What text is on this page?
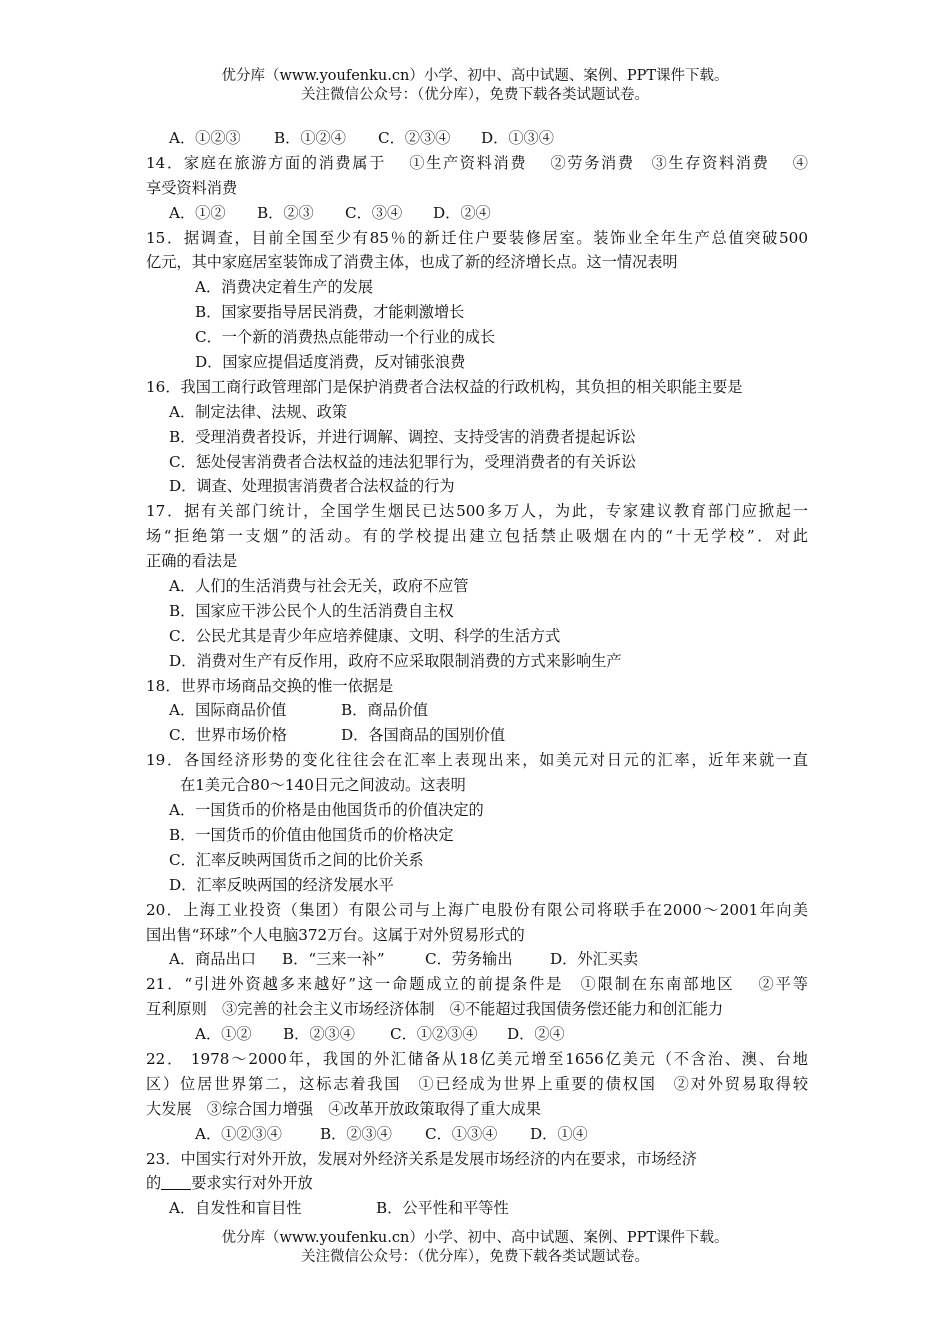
优分库（www.youfenku.cn）小学、初中、高中试题、案例、PPT课件下载。
关注微信公众号：（优分库），免费下载各类试题试卷。
A．①②③ B．①②④ C．②③④ D．①③④
14．家庭在旅游方面的消费属于　 ①生产资料消费　 ②劳务消费　③生存资料消费　 ④
享受资料消费
A．①② B．②③ C．③④ D．②④
15．据调查，目前全国至少有85％的新迁住户要装修居室。装饰业全年生产总值突破500
亿元，其中家庭居室装饰成了消费主体，也成了新的经济增长点。这一情况表明
A．消费决定着生产的发展
B．国家要指导居民消费，才能刺激增长
C．一个新的消费热点能带动一个行业的成长
D．国家应提倡适度消费，反对铺张浪费
16．我国工商行政管理部门是保护消费者合法权益的行政机构，其负担的相关职能主要是
A．制定法律、法规、政策
B．受理消费者投诉，并进行调解、调控、支持受害的消费者提起诉讼
C．惩处侵害消费者合法权益的违法犯罪行为，受理消费者的有关诉讼
D．调查、处理损害消费者合法权益的行为
17．据有关部门统计，全国学生烟民已达500多万人，为此，专家建议教育部门应掀起一
场“拒绝第一支烟”的活动。有的学校提出建立包括禁止吸烟在内的“十无学校”．对此
正确的看法是
A．人们的生活消费与社会无关，政府不应管
B．国家应干涉公民个人的生活消费自主权
C．公民尤其是青少年应培养健康、文明、科学的生活方式
D．消费对生产有反作用，政府不应采取限制消费的方式来影响生产
18．世界市场商品交换的惟一依据是
A．国际商品价值	B．商品价值
C．世界市场价格	D．各国商品的国别价值
19．各国经济形势的变化往往会在汇率上表现出来，如美元对日元的汇率，近年来就一直
在1美元合80～140日元之间波动。这表明
A．一国货币的价格是由他国货币的价值决定的
B．一国货币的价值由他国货币的价格决定
C．汇率反映两国货币之间的比价关系
D．汇率反映两国的经济发展水平
20．上海工业投资（集团）有限公司与上海广电股份有限公司将联手在2000～2001年向美
国出售“环球”个人电脑372万台。这属于对外贸易形式的
A．商品出口 B．“三来一补”	C．劳务输出 D．外汇买卖
21．“引进外资越多来越好”这一命题成立的前提条件是　①限制在东南部地区　 ②平等
互利原则　③完善的社会主义市场经济体制　④不能超过我国债务偿还能力和创汇能力
A．①② B．②③④ C．①②③④ D．②④
22． 1978～2000年，我国的外汇储备从18亿美元增至1656亿美元（不含治、澳、台地
区）位居世界第二，这标志着我国　①已经成为世界上重要的债权国　②对外贸易取得较
大发展　③综合国力增强　④改革开放政策取得了重大成果
A．①②③④	B．②③④ C．①③④ D．①④
23．中国实行对外开放，发展对外经济关系是发展市场经济的内在要求，市场经济
的 要求实行对外开放
A．自发性和盲目性	B．公平性和平等性
优分库（www.youfenku.cn）小学、初中、高中试题、案例、PPT课件下载。
关注微信公众号：（优分库），免费下载各类试题试卷。
